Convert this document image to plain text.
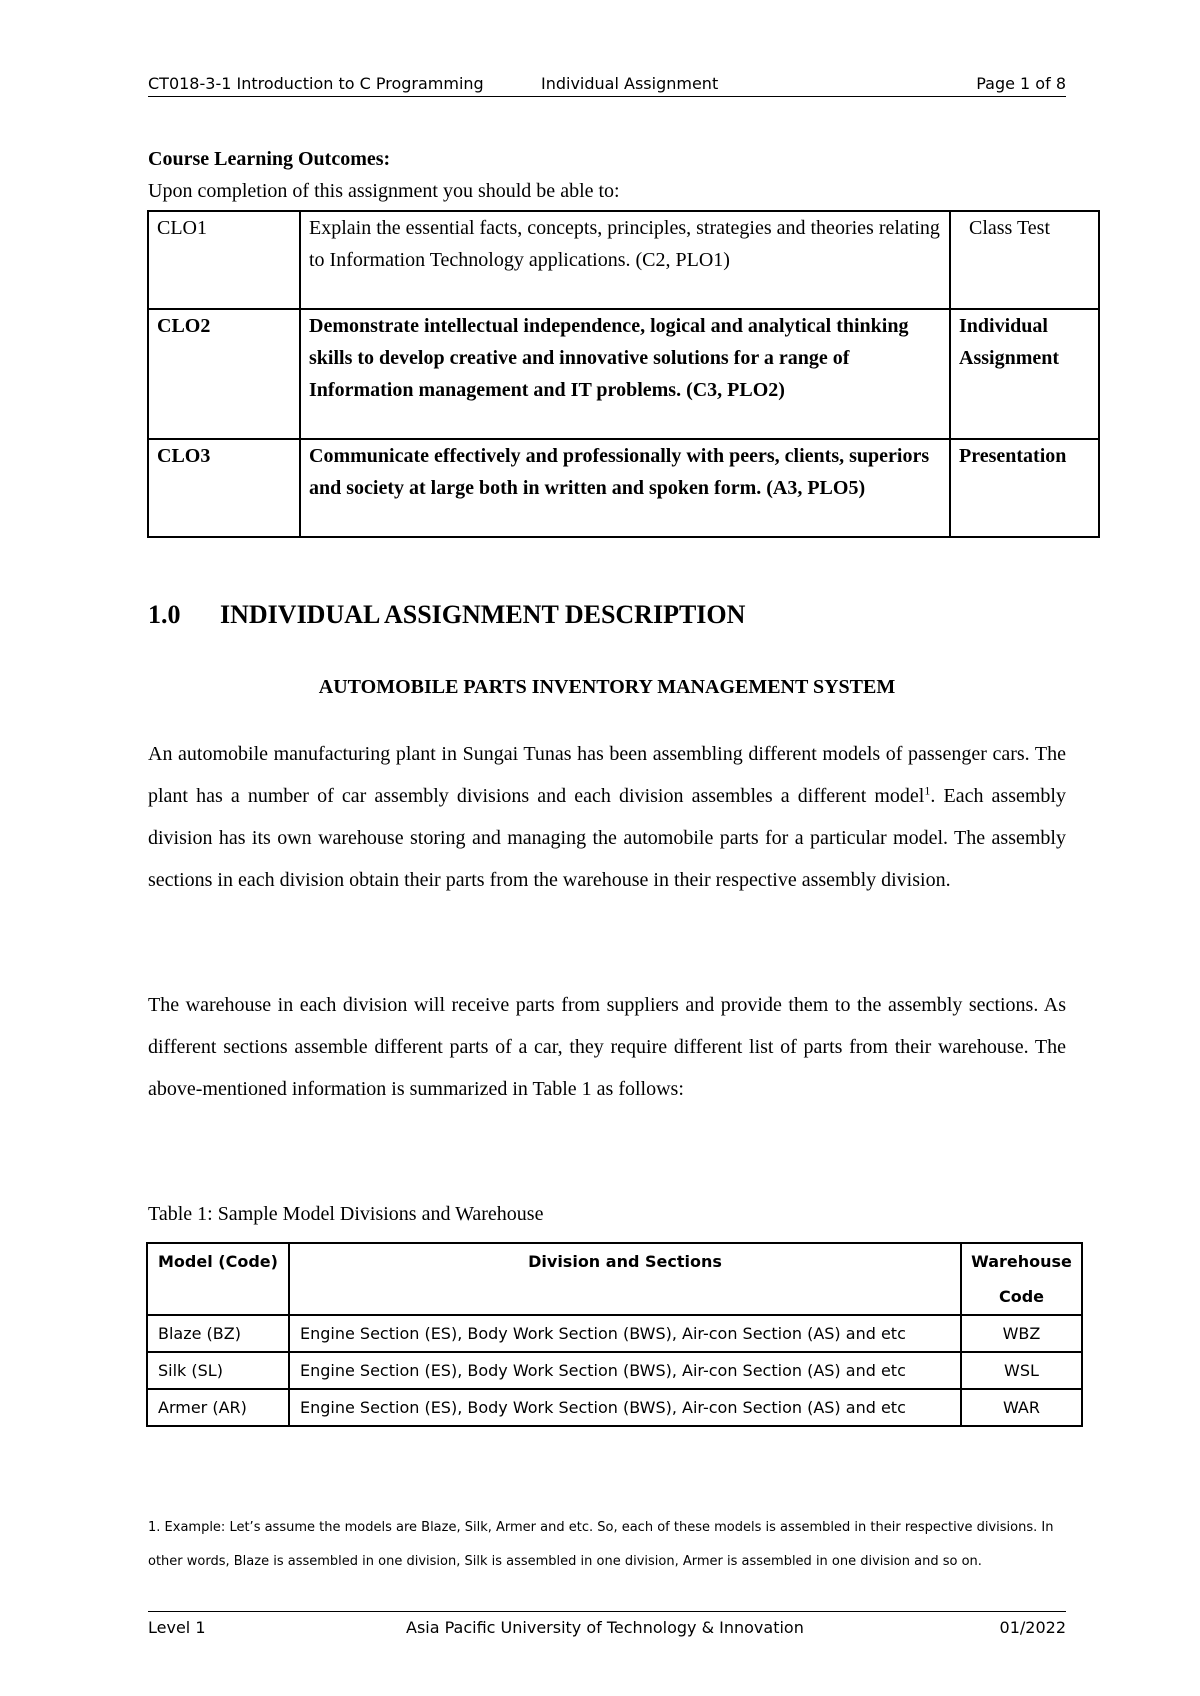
CT018-3-1 Introduction to C Programming	Individual Assignment	Page 1 of 8
Course Learning Outcomes:
Upon completion of this assignment you should be able to:
CLO1	Explain the essential facts, concepts, principles, strategies and theories relating to Information Technology applications. (C2, PLO1)	Class Test
CLO2	Demonstrate intellectual independence, logical and analytical thinking skills to develop creative and innovative solutions for a range of Information management and IT problems. (C3, PLO2)	Individual Assignment
CLO3	Communicate effectively and professionally with peers, clients, superiors and society at large both in written and spoken form. (A3, PLO5)	Presentation
1.0 INDIVIDUAL ASSIGNMENT DESCRIPTION
AUTOMOBILE PARTS INVENTORY MANAGEMENT SYSTEM
An automobile manufacturing plant in Sungai Tunas has been assembling different models of passenger cars. The plant has a number of car assembly divisions and each division assembles a different model$^1$. Each assembly division has its own warehouse storing and managing the automobile parts for a particular model. The assembly sections in each division obtain their parts from the warehouse in their respective assembly division.
The warehouse in each division will receive parts from suppliers and provide them to the assembly sections. As different sections assemble different parts of a car, they require different list of parts from their warehouse. The above-mentioned information is summarized in Table 1 as follows:
Table 1: Sample Model Divisions and Warehouse
Model (Code)	Division and Sections	Warehouse Code
Blaze (BZ)	Engine Section (ES), Body Work Section (BWS), Air-con Section (AS) and etc	WBZ
Silk (SL)	Engine Section (ES), Body Work Section (BWS), Air-con Section (AS) and etc	WSL
Armer (AR)	Engine Section (ES), Body Work Section (BWS), Air-con Section (AS) and etc	WAR
1. Example: Let’s assume the models are Blaze, Silk, Armer and etc. So, each of these models is assembled in their respective divisions. In other words, Blaze is assembled in one division, Silk is assembled in one division, Armer is assembled in one division and so on.
Level 1	Asia Pacific University of Technology & Innovation	01/2022
